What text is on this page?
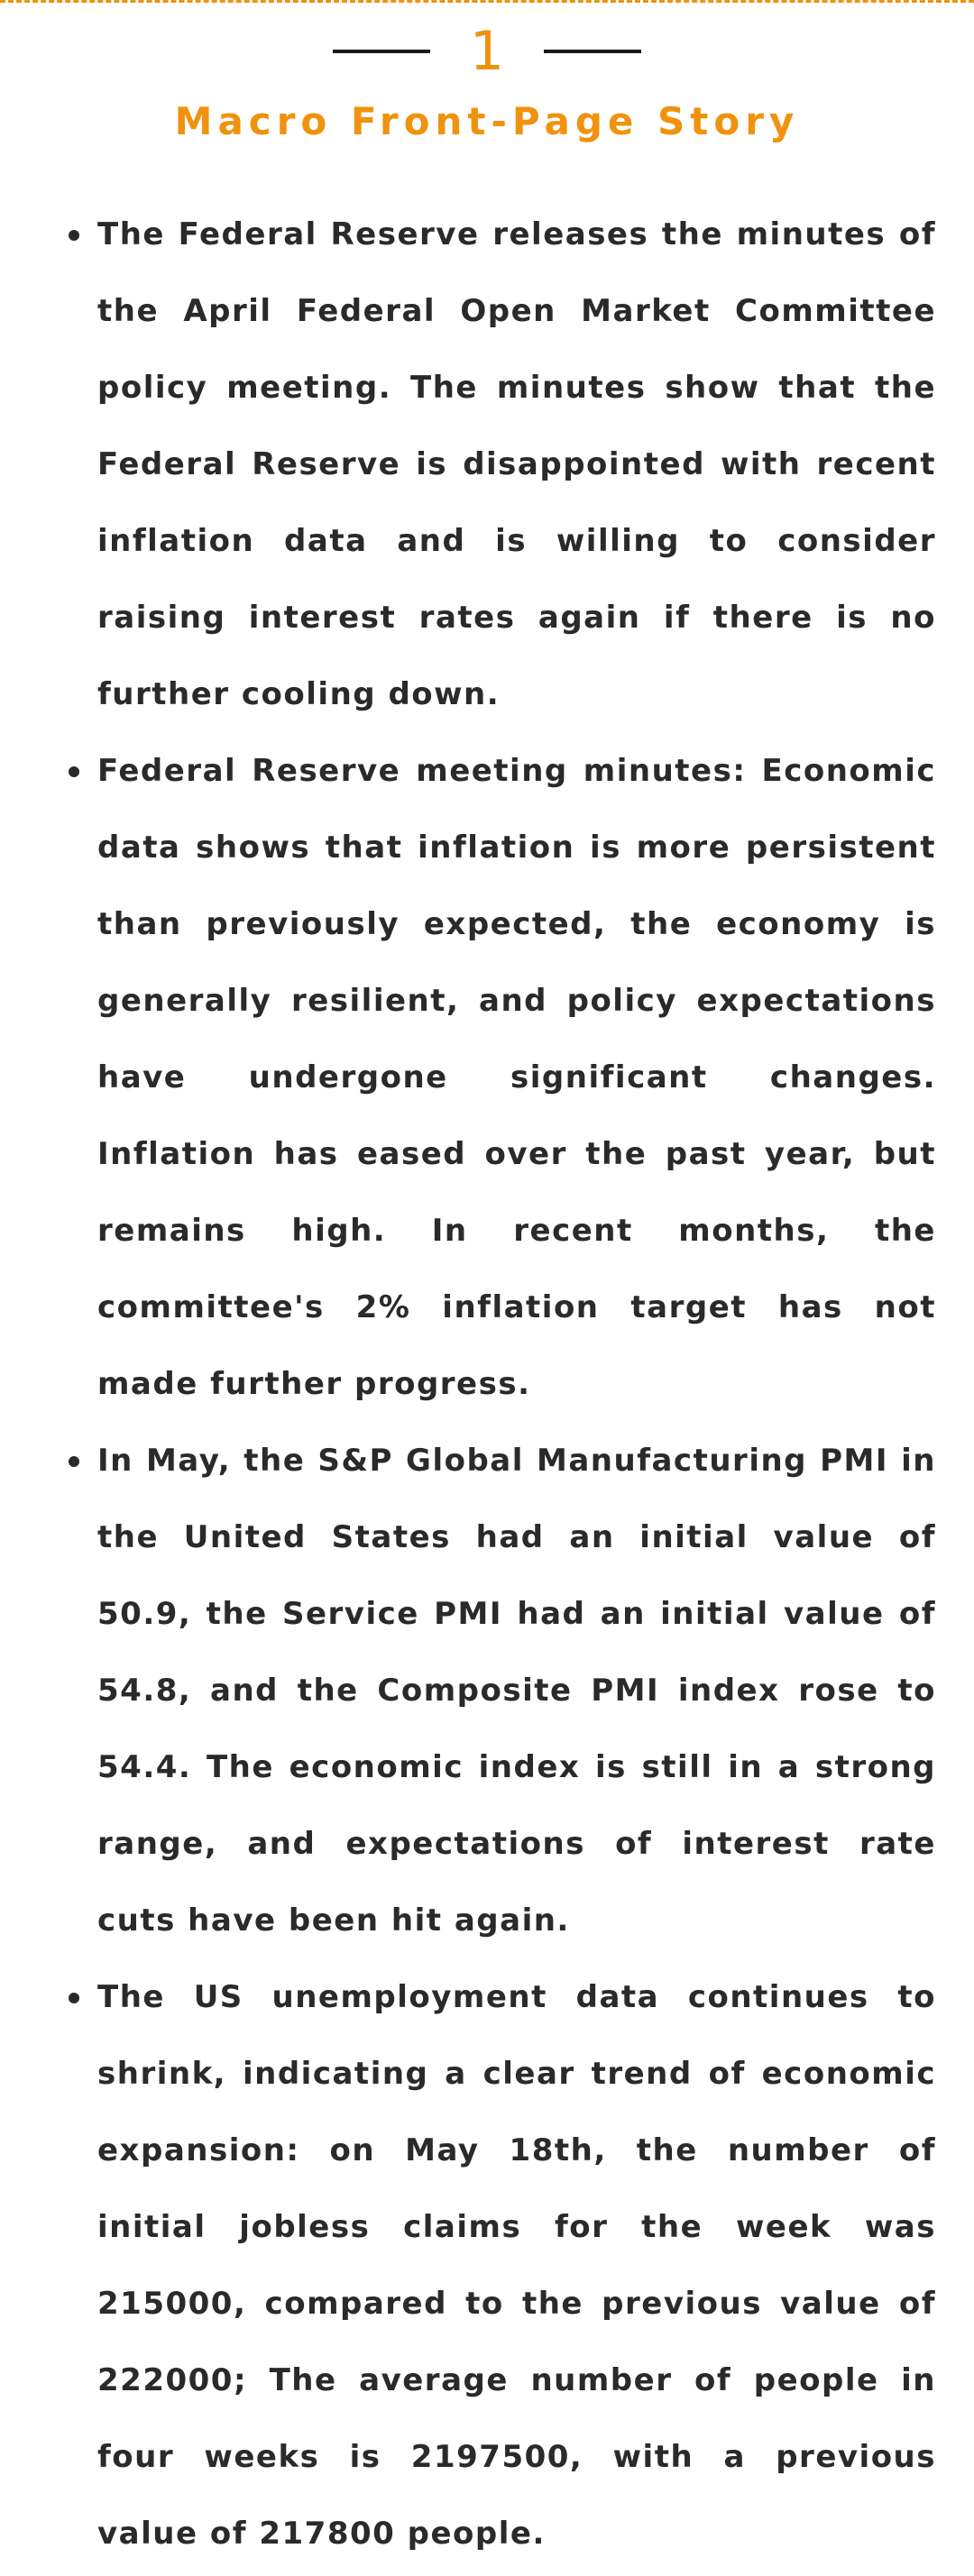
1
Macro Front-Page Story
The Federal Reserve releases the minutes of the April Federal Open Market Committee policy meeting. The minutes show that the Federal Reserve is disappointed with recent inflation data and is willing to consider raising interest rates again if there is no further cooling down.
Federal Reserve meeting minutes: Economic data shows that inflation is more persistent than previously expected, the economy is generally resilient, and policy expectations have undergone significant changes. Inflation has eased over the past year, but remains high. In recent months, the committee's 2% inflation target has not made further progress.
In May, the S&P Global Manufacturing PMI in the United States had an initial value of 50.9, the Service PMI had an initial value of 54.8, and the Composite PMI index rose to 54.4. The economic index is still in a strong range, and expectations of interest rate cuts have been hit again.
The US unemployment data continues to shrink, indicating a clear trend of economic expansion: on May 18th, the number of initial jobless claims for the week was 215000, compared to the previous value of 222000; The average number of people in four weeks is 2197500, with a previous value of 217800 people.
